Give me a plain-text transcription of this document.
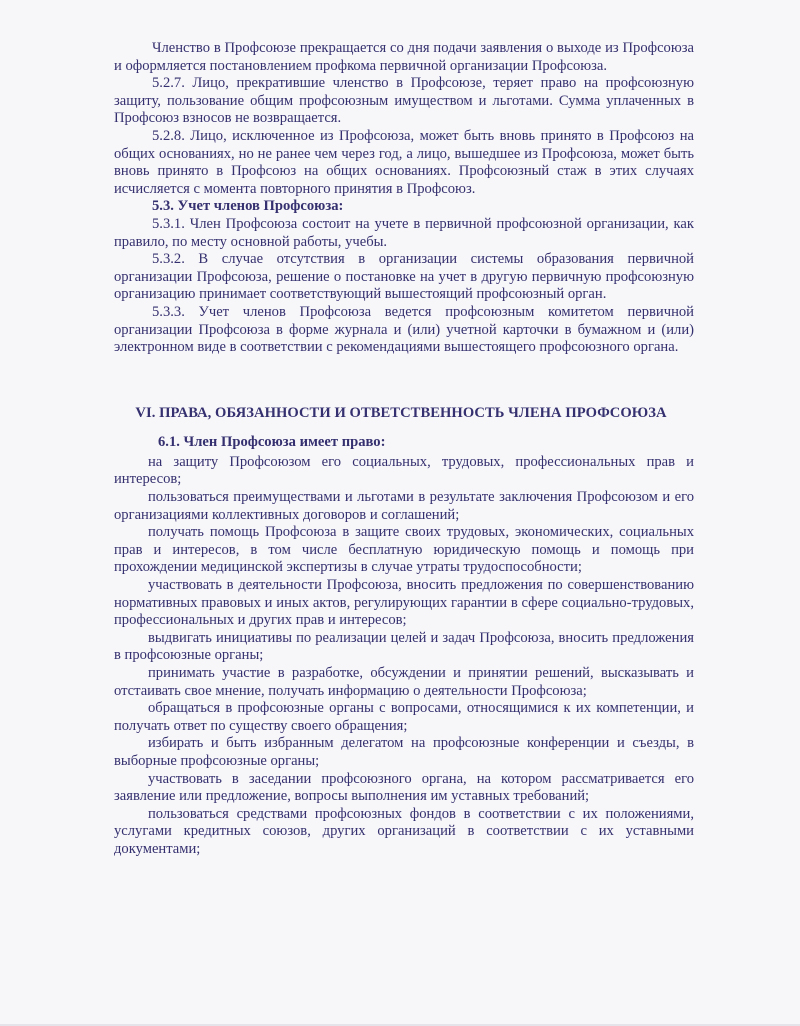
Членство в Профсоюзе прекращается со дня подачи заявления о выходе из Профсоюза и оформляется постановлением профкома первичной организации Профсоюза.

5.2.7. Лицо, прекратившие членство в Профсоюзе, теряет право на профсоюзную защиту, пользование общим профсоюзным имуществом и льготами. Сумма уплаченных в Профсоюз взносов не возвращается.

5.2.8. Лицо, исключенное из Профсоюза, может быть вновь принято в Профсоюз на общих основаниях, но не ранее чем через год, а лицо, вышедшее из Профсоюза, может быть вновь принято в Профсоюз на общих основаниях. Профсоюзный стаж в этих случаях исчисляется с момента повторного принятия в Профсоюз.

5.3. Учет членов Профсоюза:

5.3.1. Член Профсоюза состоит на учете в первичной профсоюзной организации, как правило, по месту основной работы, учебы.

5.3.2. В случае отсутствия в организации системы образования первичной организации Профсоюза, решение о постановке на учет в другую первичную профсоюзную организацию принимает соответствующий вышестоящий профсоюзный орган.

5.3.3. Учет членов Профсоюза ведется профсоюзным комитетом первичной организации Профсоюза в форме журнала и (или) учетной карточки в бумажном и (или) электронном виде в соответствии с рекомендациями вышестоящего профсоюзного органа.

VI. ПРАВА, ОБЯЗАННОСТИ И ОТВЕТСТВЕННОСТЬ ЧЛЕНА ПРОФСОЮЗА

6.1. Член Профсоюза имеет право:

на защиту Профсоюзом его социальных, трудовых, профессиональных прав и интересов;

пользоваться преимуществами и льготами в результате заключения Профсоюзом и его организациями коллективных договоров и соглашений;

получать помощь Профсоюза в защите своих трудовых, экономических, социальных прав и интересов, в том числе бесплатную юридическую помощь и помощь при прохождении медицинской экспертизы в случае утраты трудоспособности;

участвовать в деятельности Профсоюза, вносить предложения по совершенствованию нормативных правовых и иных актов, регулирующих гарантии в сфере социально-трудовых, профессиональных и других прав и интересов;

выдвигать инициативы по реализации целей и задач Профсоюза, вносить предложения в профсоюзные органы;

принимать участие в разработке, обсуждении и принятии решений, высказывать и отстаивать свое мнение, получать информацию о деятельности Профсоюза;

обращаться в профсоюзные органы с вопросами, относящимися к их компетенции, и получать ответ по существу своего обращения;

избирать и быть избранным делегатом на профсоюзные конференции и съезды, в выборные профсоюзные органы;

участвовать в заседании профсоюзного органа, на котором рассматривается его заявление или предложение, вопросы выполнения им уставных требований;

пользоваться средствами профсоюзных фондов в соответствии с их положениями, услугами кредитных союзов, других организаций в соответствии с их уставными документами;
